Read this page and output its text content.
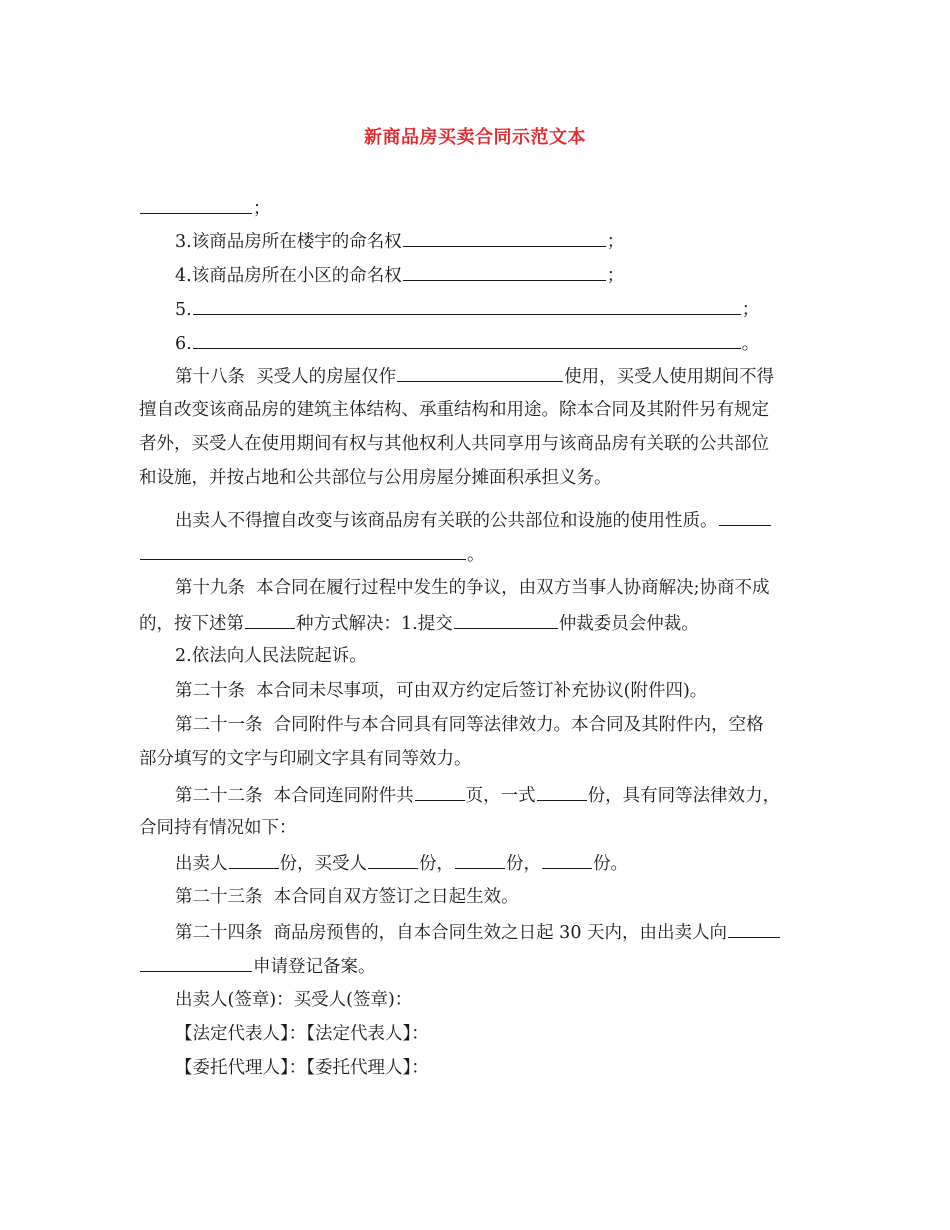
新商品房买卖合同示范文本
；
3.该商品房所在楼宇的命名权	；
4.该商品房所在小区的命名权	；
5.	；
6.	。
第十八条  买受人的房屋仅作	使用，买受人使用期间不得
擅自改变该商品房的建筑主体结构、承重结构和用途。除本合同及其附件另有规定
者外，买受人在使用期间有权与其他权利人共同享用与该商品房有关联的公共部位
和设施，并按占地和公共部位与公用房屋分摊面积承担义务。
出卖人不得擅自改变与该商品房有关联的公共部位和设施的使用性质。
。
第十九条  本合同在履行过程中发生的争议，由双方当事人协商解决;协商不成
的，按下述第	种方式解决：1.提交	仲裁委员会仲裁。
2.依法向人民法院起诉。
第二十条  本合同未尽事项，可由双方约定后签订补充协议(附件四)。
第二十一条  合同附件与本合同具有同等法律效力。本合同及其附件内，空格
部分填写的文字与印刷文字具有同等效力。
第二十二条  本合同连同附件共	页，一式	份，具有同等法律效力，
合同持有情况如下：
出卖人	份，买受人	份，	份，	份。
第二十三条  本合同自双方签订之日起生效。
第二十四条  商品房预售的，自本合同生效之日起 30 天内，由出卖人向
申请登记备案。
出卖人(签章)：买受人(签章)：
【法定代表人】：【法定代表人】：
【委托代理人】：【委托代理人】：
